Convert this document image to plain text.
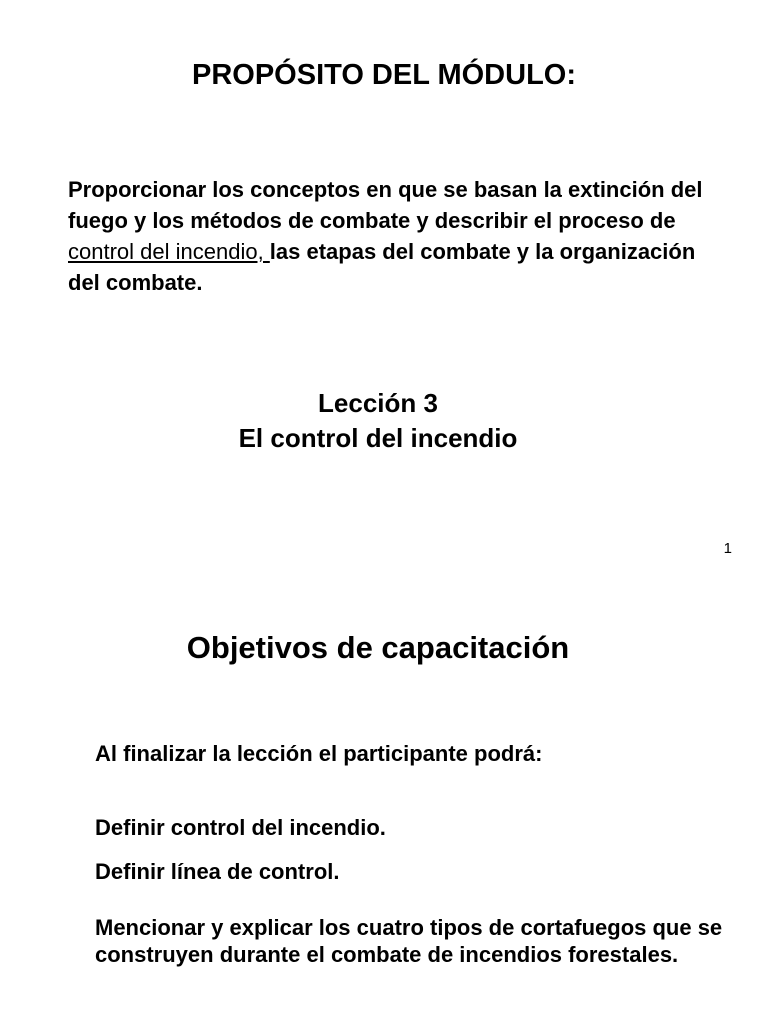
PROPÓSITO DEL MÓDULO:
Proporcionar los conceptos en que se basan la extinción del fuego y los métodos de combate y describir el proceso de control del incendio, las etapas del combate y la organización del combate.
Lección 3
El control del incendio
1
Objetivos de capacitación
Al finalizar la lección el participante podrá:
Definir control del incendio.
Definir línea de control.
Mencionar y explicar los cuatro tipos de cortafuegos que se construyen durante el combate de incendios forestales.
